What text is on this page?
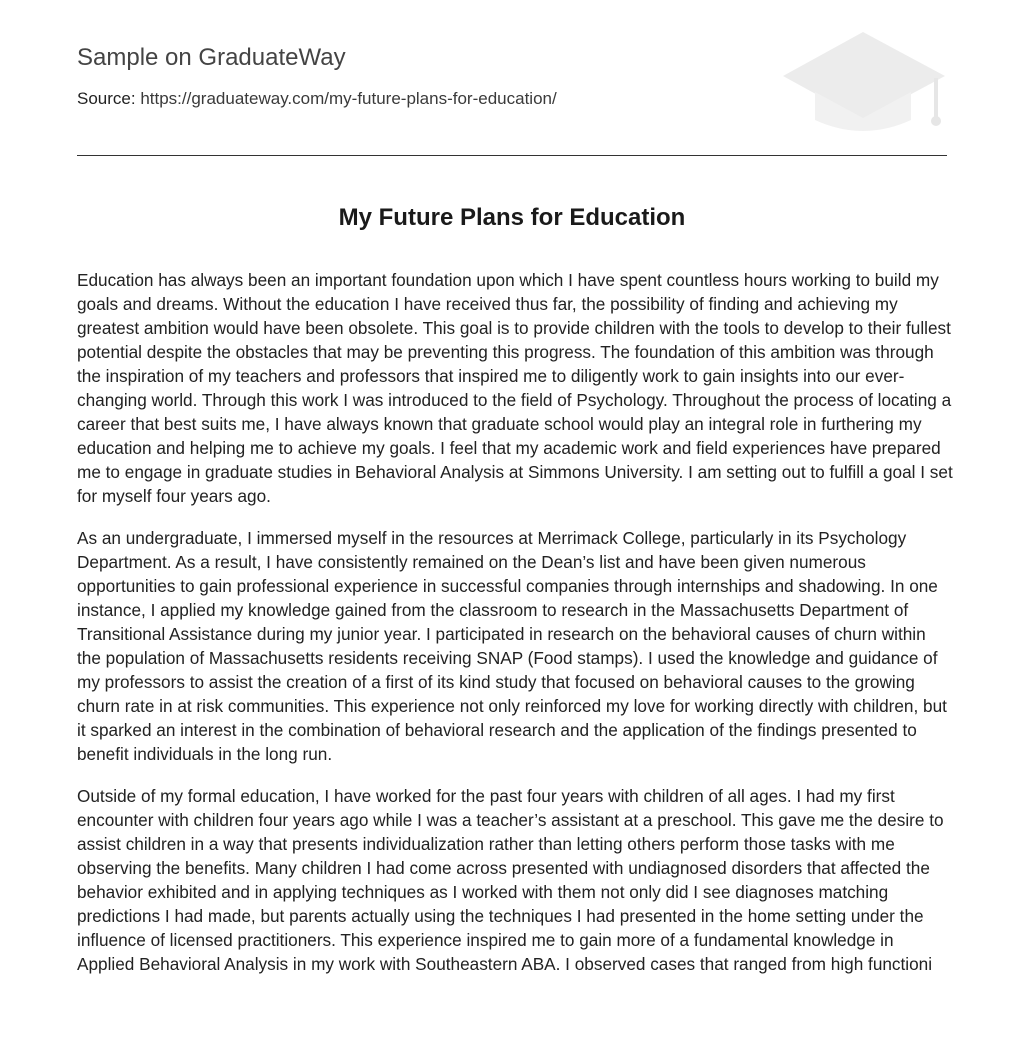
Sample on GraduateWay
Source: https://graduateway.com/my-future-plans-for-education/
My Future Plans for Education

Education has always been an important foundation upon which I have spent countless hours working to build my goals and dreams. Without the education I have received thus far, the possibility of finding and achieving my greatest ambition would have been obsolete. This goal is to provide children with the tools to develop to their fullest potential despite the obstacles that may be preventing this progress. The foundation of this ambition was through the inspiration of my teachers and professors that inspired me to diligently work to gain insights into our ever-changing world. Through this work I was introduced to the field of Psychology. Throughout the process of locating a career that best suits me, I have always known that graduate school would play an integral role in furthering my education and helping me to achieve my goals. I feel that my academic work and field experiences have prepared me to engage in graduate studies in Behavioral Analysis at Simmons University. I am setting out to fulfill a goal I set for myself four years ago.

As an undergraduate, I immersed myself in the resources at Merrimack College, particularly in its Psychology Department. As a result, I have consistently remained on the Dean’s list and have been given numerous opportunities to gain professional experience in successful companies through internships and shadowing. In one instance, I applied my knowledge gained from the classroom to research in the Massachusetts Department of Transitional Assistance during my junior year. I participated in research on the behavioral causes of churn within the population of Massachusetts residents receiving SNAP (Food stamps). I used the knowledge and guidance of my professors to assist the creation of a first of its kind study that focused on behavioral causes to the growing churn rate in at risk communities. This experience not only reinforced my love for working directly with children, but it sparked an interest in the combination of behavioral research and the application of the findings presented to benefit individuals in the long run.

Outside of my formal education, I have worked for the past four years with children of all ages. I had my first encounter with children four years ago while I was a teacher’s assistant at a preschool. This gave me the desire to assist children in a way that presents individualization rather than letting others perform those tasks with me observing the benefits. Many children I had come across presented with undiagnosed disorders that affected the behavior exhibited and in applying techniques as I worked with them not only did I see diagnoses matching predictions I had made, but parents actually using the techniques I had presented in the home setting under the influence of licensed practitioners. This experience inspired me to gain more of a fundamental knowledge in Applied Behavioral Analysis in my work with Southeastern ABA. I observed cases that ranged from high functioni
